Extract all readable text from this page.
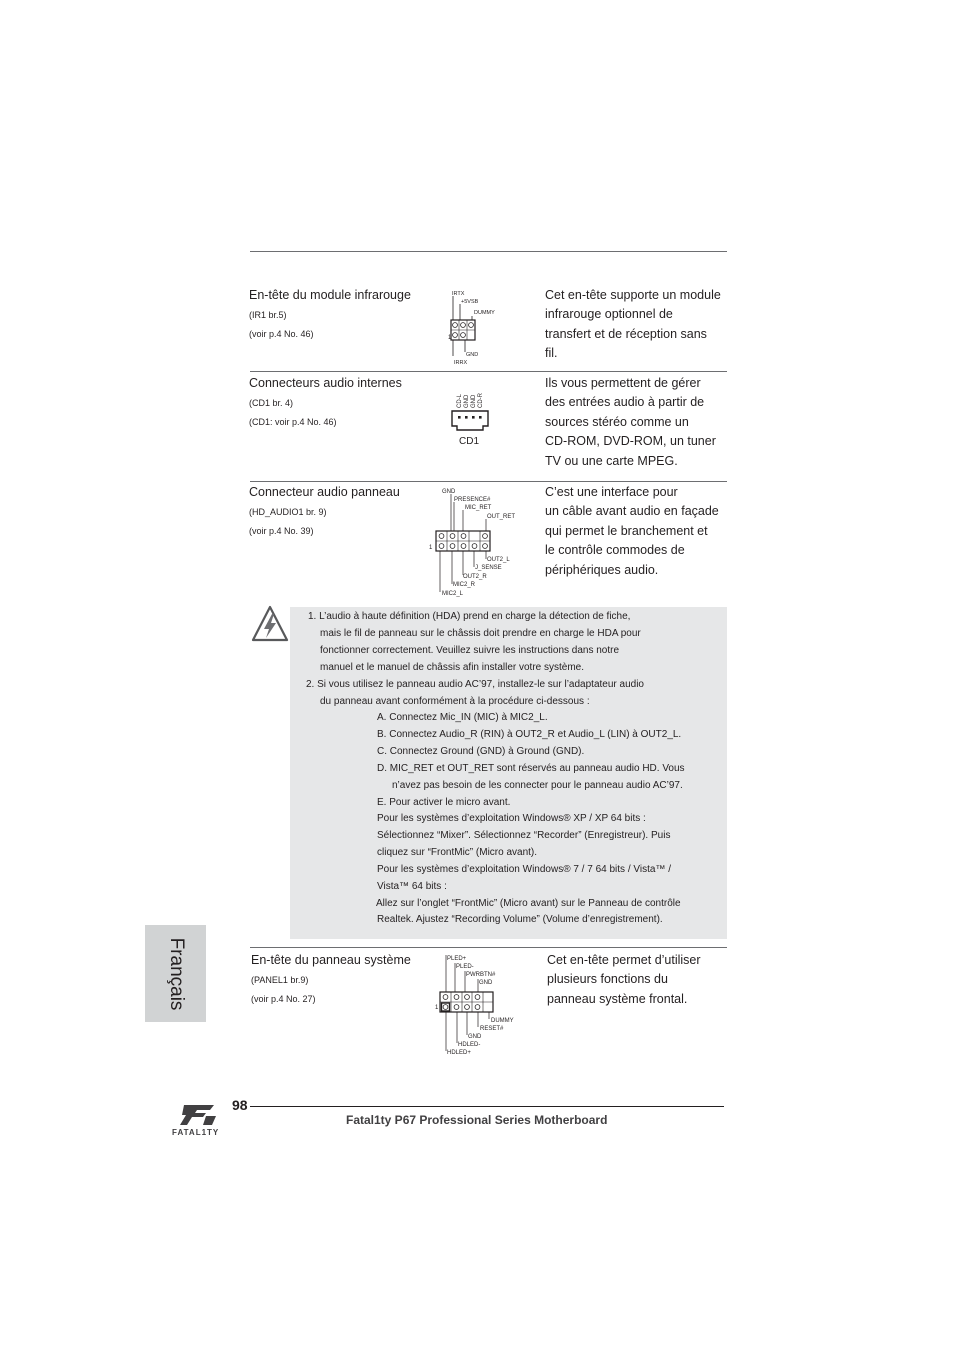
En-tête du module infrarouge
(IR1 br.5)
(voir p.4 No. 46)
Cet en-tête supporte un module
infrarouge optionnel de
transfert et de réception sans
fil.
IRTX
+5VSB
DUMMY
1
GND
IRRX
Connecteurs audio internes
(CD1 br. 4)
(CD1: voir p.4 No. 46)
Ils vous permettent de gérer
des entrées audio à partir de
sources stéréo comme un
CD-ROM, DVD-ROM, un tuner
TV ou une carte MPEG.
CD-L GND GND CD-R
CD1
Connecteur audio panneau
(HD_AUDIO1 br. 9)
(voir p.4 No. 39)
C’est une interface pour
un câble avant audio en façade
qui permet le branchement et
le contrôle commodes de
périphériques audio.
GND
PRESENCE#
MIC_RET
OUT_RET
1
OUT2_L
J_SENSE
OUT2_R
MIC2_R
MIC2_L
1. L’audio à haute définition (HDA) prend en charge la détection de fiche,
mais le fil de panneau sur le châssis doit prendre en charge le HDA pour
fonctionner correctement. Veuillez suivre les instructions dans notre
manuel et le manuel de châssis afin installer votre système.
2. Si vous utilisez le panneau audio AC’97, installez-le sur l’adaptateur audio
du panneau avant conformément à la procédure ci-dessous :
A. Connectez Mic_IN (MIC) à MIC2_L.
B. Connectez Audio_R (RIN) à OUT2_R et Audio_L (LIN) à OUT2_L.
C. Connectez Ground (GND) à Ground (GND).
D. MIC_RET et OUT_RET sont réservés au panneau audio HD. Vous
n’avez pas besoin de les connecter pour le panneau audio AC’97.
E. Pour activer le micro avant.
Pour les systèmes d’exploitation Windows® XP / XP 64 bits :
Sélectionnez “Mixer”. Sélectionnez “Recorder” (Enregistreur). Puis
cliquez sur “FrontMic” (Micro avant).
Pour les systèmes d’exploitation Windows® 7 / 7 64 bits / Vista™ /
Vista™ 64 bits :
Allez sur l’onglet “FrontMic” (Micro avant) sur le Panneau de contrôle
Realtek. Ajustez “Recording Volume” (Volume d’enregistrement).
En-tête du panneau système
(PANEL1 br.9)
(voir p.4 No. 27)
Cet en-tête permet d’utiliser
plusieurs fonctions du
panneau système frontal.
PLED+
PLED-
PWRBTN#
GND
1
DUMMY
RESET#
GND
HDLED-
HDLED+
Français
98
Fatal1ty P67 Professional Series Motherboard
FATAL1TY
